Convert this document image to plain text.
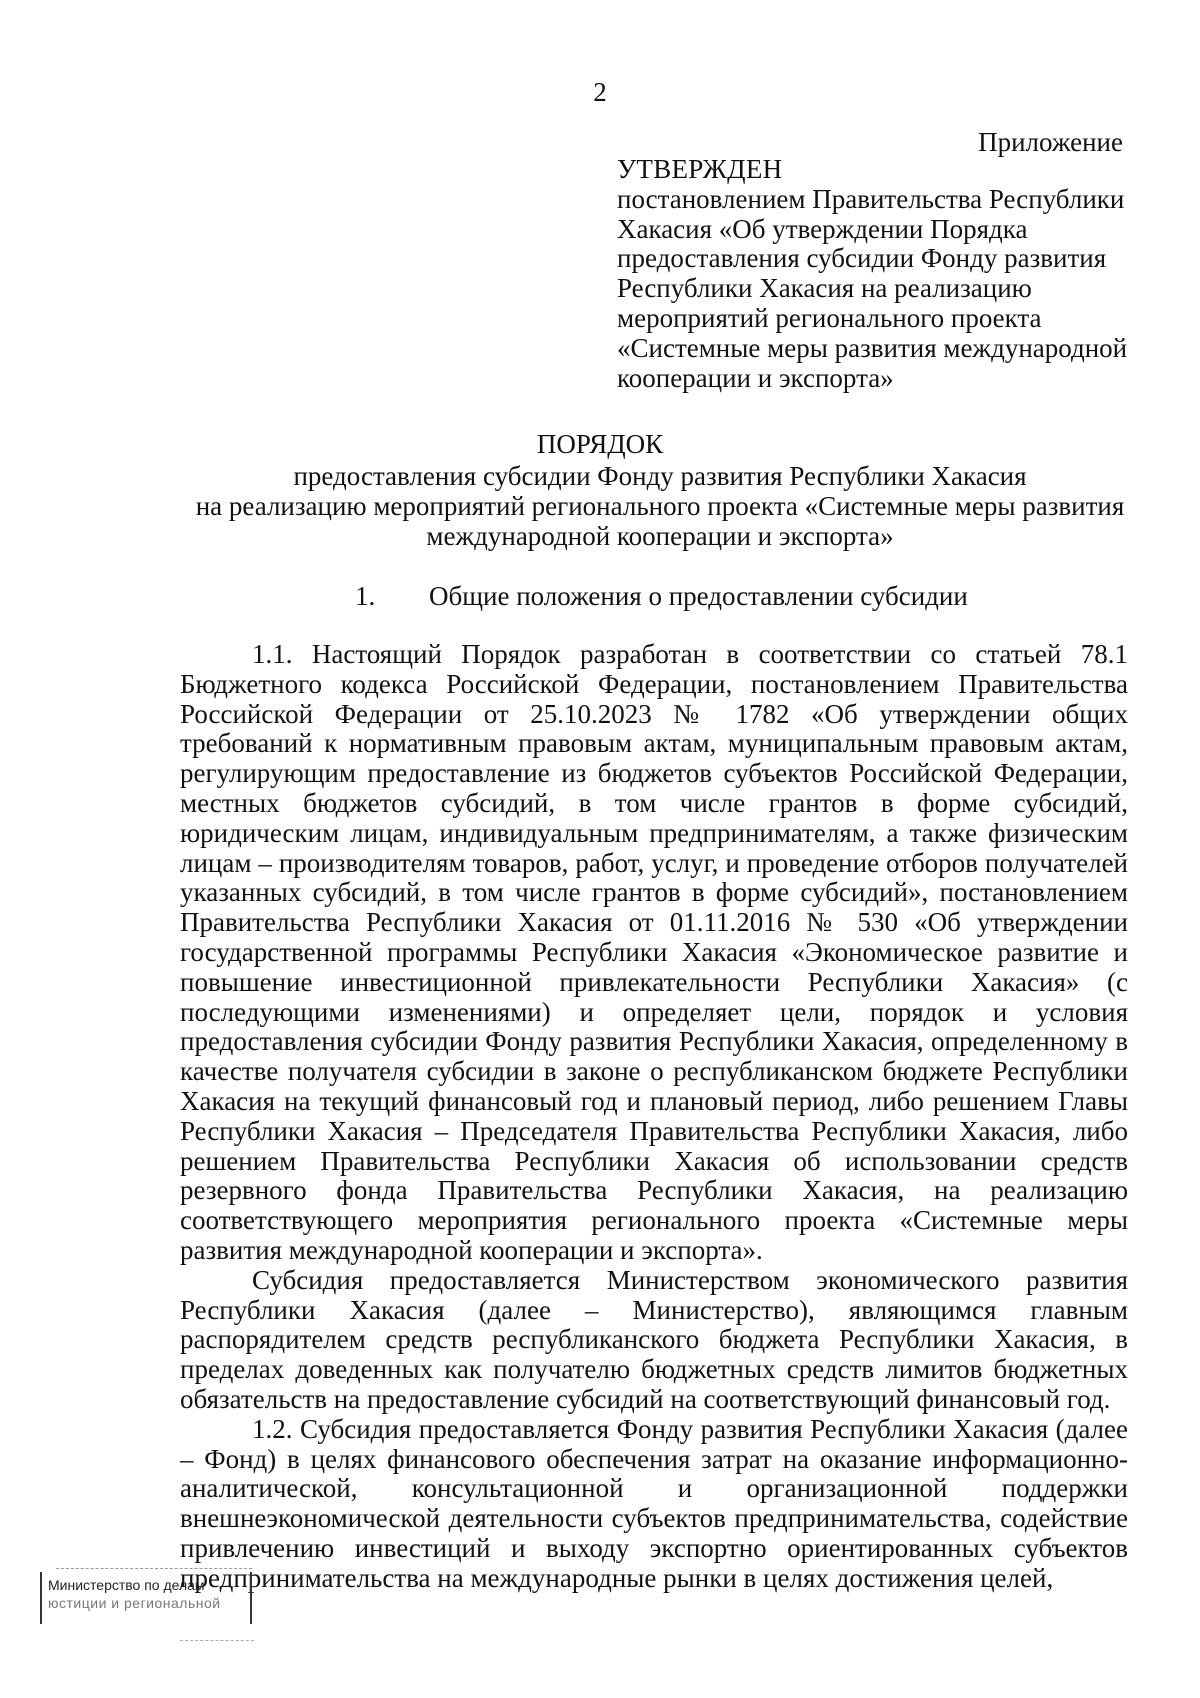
2
Приложение
УТВЕРЖДЕН
постановлением Правительства Республики
Хакасия «Об утверждении Порядка
предоставления субсидии Фонду развития
Республики Хакасия на реализацию
мероприятий регионального проекта
«Системные меры развития международной
кооперации и экспорта»
ПОРЯДОК
предоставления субсидии Фонду развития Республики Хакасия
на реализацию мероприятий регионального проекта «Системные меры развития
международной кооперации и экспорта»
1. Общие положения о предоставлении субсидии

1.1. Настоящий Порядок разработан в соответствии со статьей 78.1 Бюджетного кодекса Российской Федерации, постановлением Правительства Российской Федерации от 25.10.2023 № 1782 «Об утверждении общих требований к нормативным правовым актам, муниципальным правовым актам, регулирующим предоставление из бюджетов субъектов Российской Федерации, местных бюджетов субсидий, в том числе грантов в форме субсидий, юридическим лицам, индивидуальным предпринимателям, а также физическим лицам – производителям товаров, работ, услуг, и проведение отборов получателей указанных субсидий, в том числе грантов в форме субсидий», постановлением Правительства Республики Хакасия от 01.11.2016 № 530 «Об утверждении государственной программы Республики Хакасия «Экономическое развитие и повышение инвестиционной привлекательности Республики Хакасия» (с последующими изменениями) и определяет цели, порядок и условия предоставления субсидии Фонду развития Республики Хакасия, определенному в качестве получателя субсидии в законе о республиканском бюджете Республики Хакасия на текущий финансовый год и плановый период, либо решением Главы Республики Хакасия – Председателя Правительства Республики Хакасия, либо решением Правительства Республики Хакасия об использовании средств резервного фонда Правительства Республики Хакасия, на реализацию соответствующего мероприятия регионального проекта «Системные меры развития международной кооперации и экспорта».

Субсидия предоставляется Министерством экономического развития Республики Хакасия (далее – Министерство), являющимся главным распорядителем средств республиканского бюджета Республики Хакасия, в пределах доведенных как получателю бюджетных средств лимитов бюджетных обязательств на предоставление субсидий на соответствующий финансовый год.

1.2. Субсидия предоставляется Фонду развития Республики Хакасия (далее – Фонд) в целях финансового обеспечения затрат на оказание информационно-аналитической, консультационной и организационной поддержки внешнеэкономической деятельности субъектов предпринимательства, содействие привлечению инвестиций и выходу экспортно ориентированных субъектов предпринимательства на международные рынки в целях достижения целей,

Министерство по делам
юстиции и региональной
